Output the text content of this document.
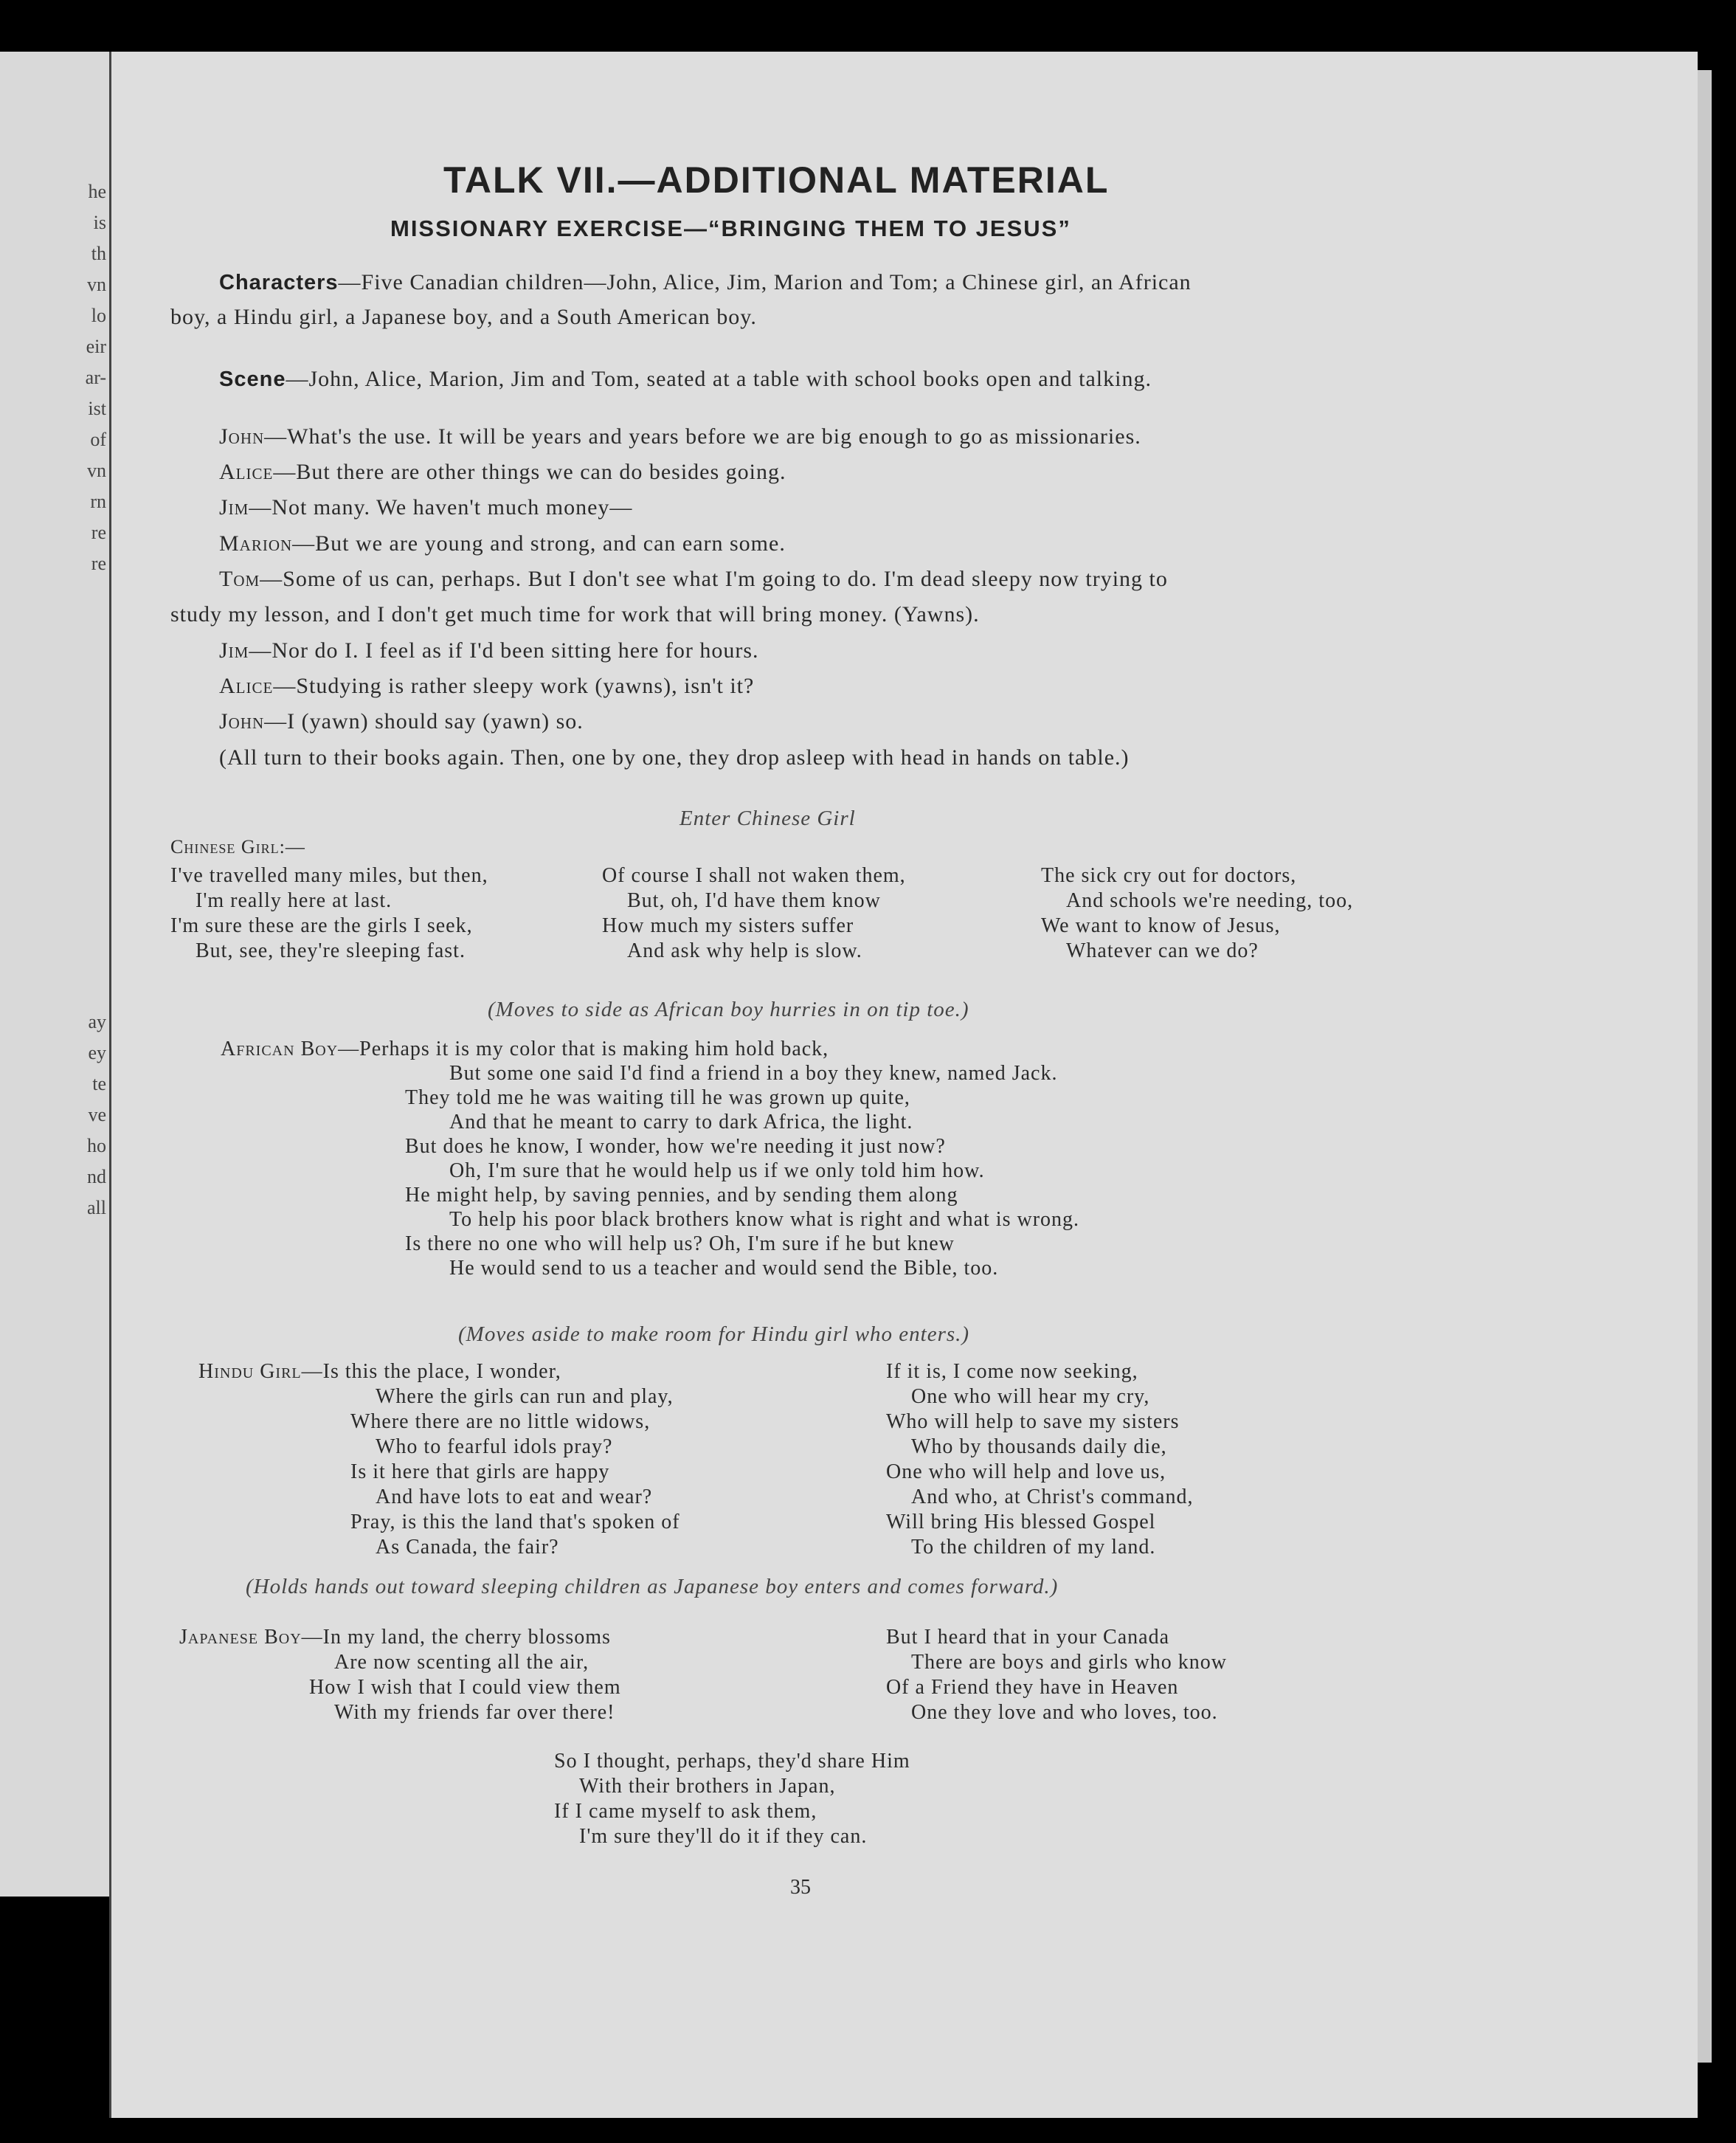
he
is
th
vn
lo
eir
ar-
ist
of
vn
rn
re
re
ay
ey
te
ve
ho
nd
all
TALK VII.—ADDITIONAL MATERIAL
MISSIONARY EXERCISE—“BRINGING THEM TO JESUS”
Characters—Five Canadian children—John, Alice, Jim, Marion and Tom; a Chinese girl, an African
boy, a Hindu girl, a Japanese boy, and a South American boy.
Scene—John, Alice, Marion, Jim and Tom, seated at a table with school books open and talking.
John—What's the use. It will be years and years before we are big enough to go as missionaries.
Alice—But there are other things we can do besides going.
Jim—Not many. We haven't much money—
Marion—But we are young and strong, and can earn some.
Tom—Some of us can, perhaps. But I don't see what I'm going to do. I'm dead sleepy now trying to
study my lesson, and I don't get much time for work that will bring money. (Yawns).
Jim—Nor do I. I feel as if I'd been sitting here for hours.
Alice—Studying is rather sleepy work (yawns), isn't it?
John—I (yawn) should say (yawn) so.
(All turn to their books again. Then, one by one, they drop asleep with head in hands on table.)
Enter Chinese Girl
Chinese Girl:—
I've travelled many miles, but then,
I'm really here at last.
I'm sure these are the girls I seek,
But, see, they're sleeping fast.
Of course I shall not waken them,
But, oh, I'd have them know
How much my sisters suffer
And ask why help is slow.
The sick cry out for doctors,
And schools we're needing, too,
We want to know of Jesus,
Whatever can we do?
(Moves to side as African boy hurries in on tip toe.)
African Boy—Perhaps it is my color that is making him hold back,
But some one said I'd find a friend in a boy they knew, named Jack.
They told me he was waiting till he was grown up quite,
And that he meant to carry to dark Africa, the light.
But does he know, I wonder, how we're needing it just now?
Oh, I'm sure that he would help us if we only told him how.
He might help, by saving pennies, and by sending them along
To help his poor black brothers know what is right and what is wrong.
Is there no one who will help us? Oh, I'm sure if he but knew
He would send to us a teacher and would send the Bible, too.
(Moves aside to make room for Hindu girl who enters.)
Hindu Girl—Is this the place, I wonder,
Where the girls can run and play,
Where there are no little widows,
Who to fearful idols pray?
Is it here that girls are happy
And have lots to eat and wear?
Pray, is this the land that's spoken of
As Canada, the fair?
If it is, I come now seeking,
One who will hear my cry,
Who will help to save my sisters
Who by thousands daily die,
One who will help and love us,
And who, at Christ's command,
Will bring His blessed Gospel
To the children of my land.
(Holds hands out toward sleeping children as Japanese boy enters and comes forward.)
Japanese Boy—In my land, the cherry blossoms
Are now scenting all the air,
How I wish that I could view them
With my friends far over there!
But I heard that in your Canada
There are boys and girls who know
Of a Friend they have in Heaven
One they love and who loves, too.
So I thought, perhaps, they'd share Him
With their brothers in Japan,
If I came myself to ask them,
I'm sure they'll do it if they can.
35
